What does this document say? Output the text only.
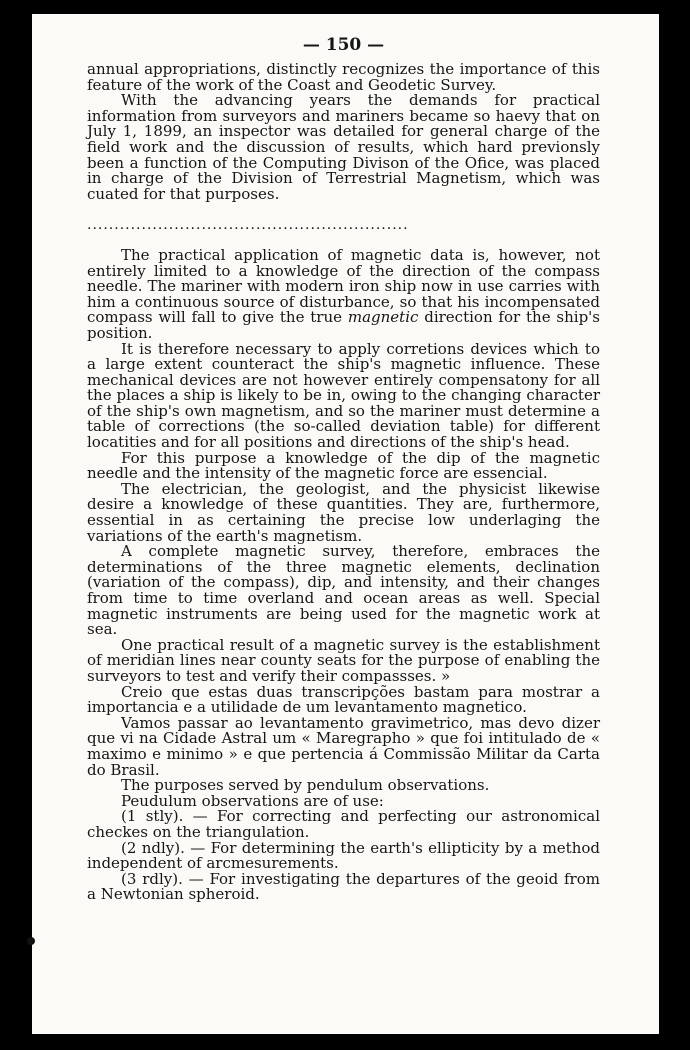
— 150 —

annual appropriations, distinctly recognizes the importance of this feature of the work of the Coast and Geodetic Survey.

With the advancing years the demands for practical information from surveyors and mariners became so haevy that on July 1, 1899, an inspector was detailed for general charge of the field work and the discussion of results, which hard previonsly been a function of the Computing Divison of the Ofice, was placed in charge of the Division of Terrestrial Magnetism, which was cuated for that purposes.

...........................................................

The practical application of magnetic data is, however, not entirely limited to a knowledge of the direction of the compass needle. The mariner with modern iron ship now in use carries with him a continuous source of disturbance, so that his incompensated compass will fall to give the true magnetic direction for the ship's position.

It is therefore necessary to apply corretions devices which to a large extent counteract the ship's magnetic influence. These mechanical devices are not however entirely compensatony for all the places a ship is likely to be in, owing to the changing character of the ship's own magnetism, and so the mariner must determine a table of corrections (the so-called deviation table) for different locatities and for all positions and directions of the ship's head.

For this purpose a knowledge of the dip of the magnetic needle and the intensity of the magnetic force are essencial.

The electrician, the geologist, and the physicist likewise desire a knowledge of these quantities. They are, furthermore, essential in as certaining the precise low underlaging the variations of the earth's magnetism.

A complete magnetic survey, therefore, embraces the determinations of the three magnetic elements, declination (variation of the compass), dip, and intensity, and their changes from time to time overland and ocean areas as well. Special magnetic instruments are being used for the magnetic work at sea.

One practical result of a magnetic survey is the establishment of meridian lines near county seats for the purpose of enabling the surveyors to test and verify their compassses. »

Creio que estas duas transcripções bastam para mostrar a importancia e a utilidade de um levantamento magnetico.

Vamos passar ao levantamento gravimetrico, mas devo dizer que vi na Cidade Astral um « Maregrapho » que foi intitulado de « maximo e minimo » e que pertencia á Commissão Militar da Carta do Brasil.

The purposes served by pendulum observations.

Peudulum observations are of use:

(1 stly). — For correcting and perfecting our astronomical checkes on the triangulation.

(2 ndly). — For determining the earth's ellipticity by a method independent of arcmesurements.

(3 rdly). — For investigating the departures of the geoid from a Newtonian spheroid.
